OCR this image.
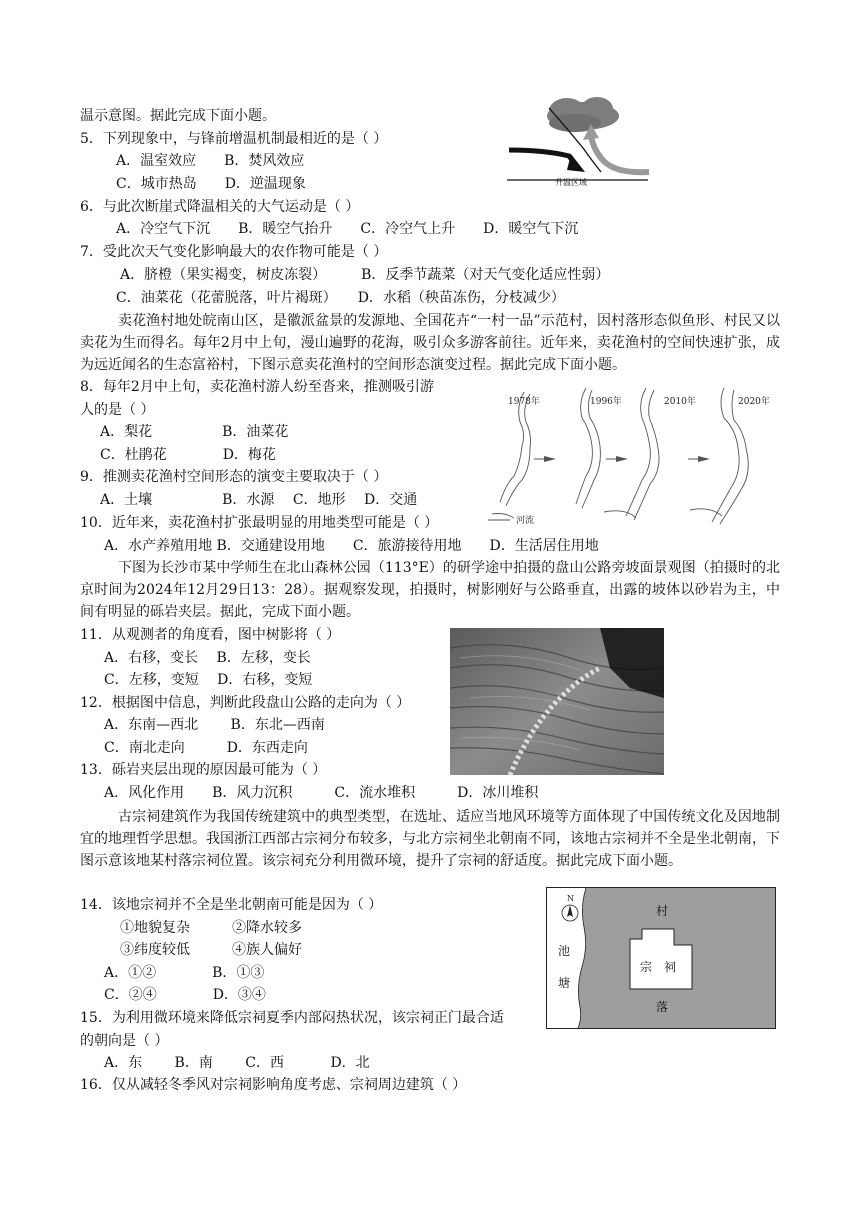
温示意图。据此完成下面小题。
5．下列现象中，与锋前增温机制最相近的是（ ）
A．温室效应　　B．焚风效应
C．城市热岛　　D．逆温现象
6．与此次断崖式降温相关的大气运动是（ ）
A．冷空气下沉　　B．暖空气抬升　　C．冷空气上升　　D．暖空气下沉
7．受此次天气变化影响最大的农作物可能是（ ）
A．脐橙（果实褐变，树皮冻裂）　　　B．反季节蔬菜（对天气变化适应性弱）
C．油菜花（花蕾脱落，叶片褐斑）　　D．水稻（秧苗冻伤，分枝减少）
升温区域
卖花渔村地处皖南山区，是徽派盆景的发源地、全国花卉“一村一品”示范村，因村落形态似鱼形、村民又以卖花为生而得名。每年2月中上旬，漫山遍野的花海，吸引众多游客前往。近年来，卖花渔村的空间快速扩张，成为远近闻名的生态富裕村，下图示意卖花渔村的空间形态演变过程。据此完成下面小题。
8．每年2月中上旬，卖花渔村游人纷至沓来，推测吸引游
人的是（ ）
A．梨花　　　　　B．油菜花
C．杜鹃花　　　　D．梅花
9．推测卖花渔村空间形态的演变主要取决于（ ）
A．土壤　　　　　B．水源　 C．地形　 D．交通
1978年	1996年	2010年	2020年
河流
10．近年来，卖花渔村扩张最明显的用地类型可能是（ ）
A．水产养殖用地 B．交通建设用地　　C．旅游接待用地　　D．生活居住用地
下图为长沙市某中学师生在北山森林公园（113°E）的研学途中拍摄的盘山公路旁坡面景观图（拍摄时的北京时间为2024年12月29日13：28）。据观察发现，拍摄时，树影刚好与公路垂直，出露的坡体以砂岩为主，中间有明显的砾岩夹层。据此，完成下面小题。
11．从观测者的角度看，图中树影将（ ）
A．右移，变长　 B．左移，变长
C．左移，变短　 D．右移，变短
12．根据图中信息，判断此段盘山公路的走向为（ ）
A．东南—西北　　 B．东北—西南
C．南北走向　　　D．东西走向
13．砾岩夹层出现的原因最可能为（ ）
A．风化作用　　B．风力沉积　　　C．流水堆积　　　D．冰川堆积
古宗祠建筑作为我国传统建筑中的典型类型，在选址、适应当地风环境等方面体现了中国传统文化及因地制宜的地理哲学思想。我国浙江西部古宗祠分布较多，与北方宗祠坐北朝南不同，该地古宗祠并不全是坐北朝南，下图示意该地某村落宗祠位置。该宗祠充分利用微环境，提升了宗祠的舒适度。据此完成下面小题。
14．该地宗祠并不全是坐北朝南可能是因为（ ）
①地貌复杂　　　②降水较多
③纬度较低　　　④族人偏好
A．①②　　　　B．①③
C．②④　　　　D．③④
15．为利用微环境来降低宗祠夏季内部闷热状况，该宗祠正门最合适
的朝向是（ ）
A．东　　 B．南　　 C．西　　　 D．北
16．仅从减轻冬季风对宗祠影响角度考虑、宗祠周边建筑（ ）
N
村
落
池
塘
宗 祠
